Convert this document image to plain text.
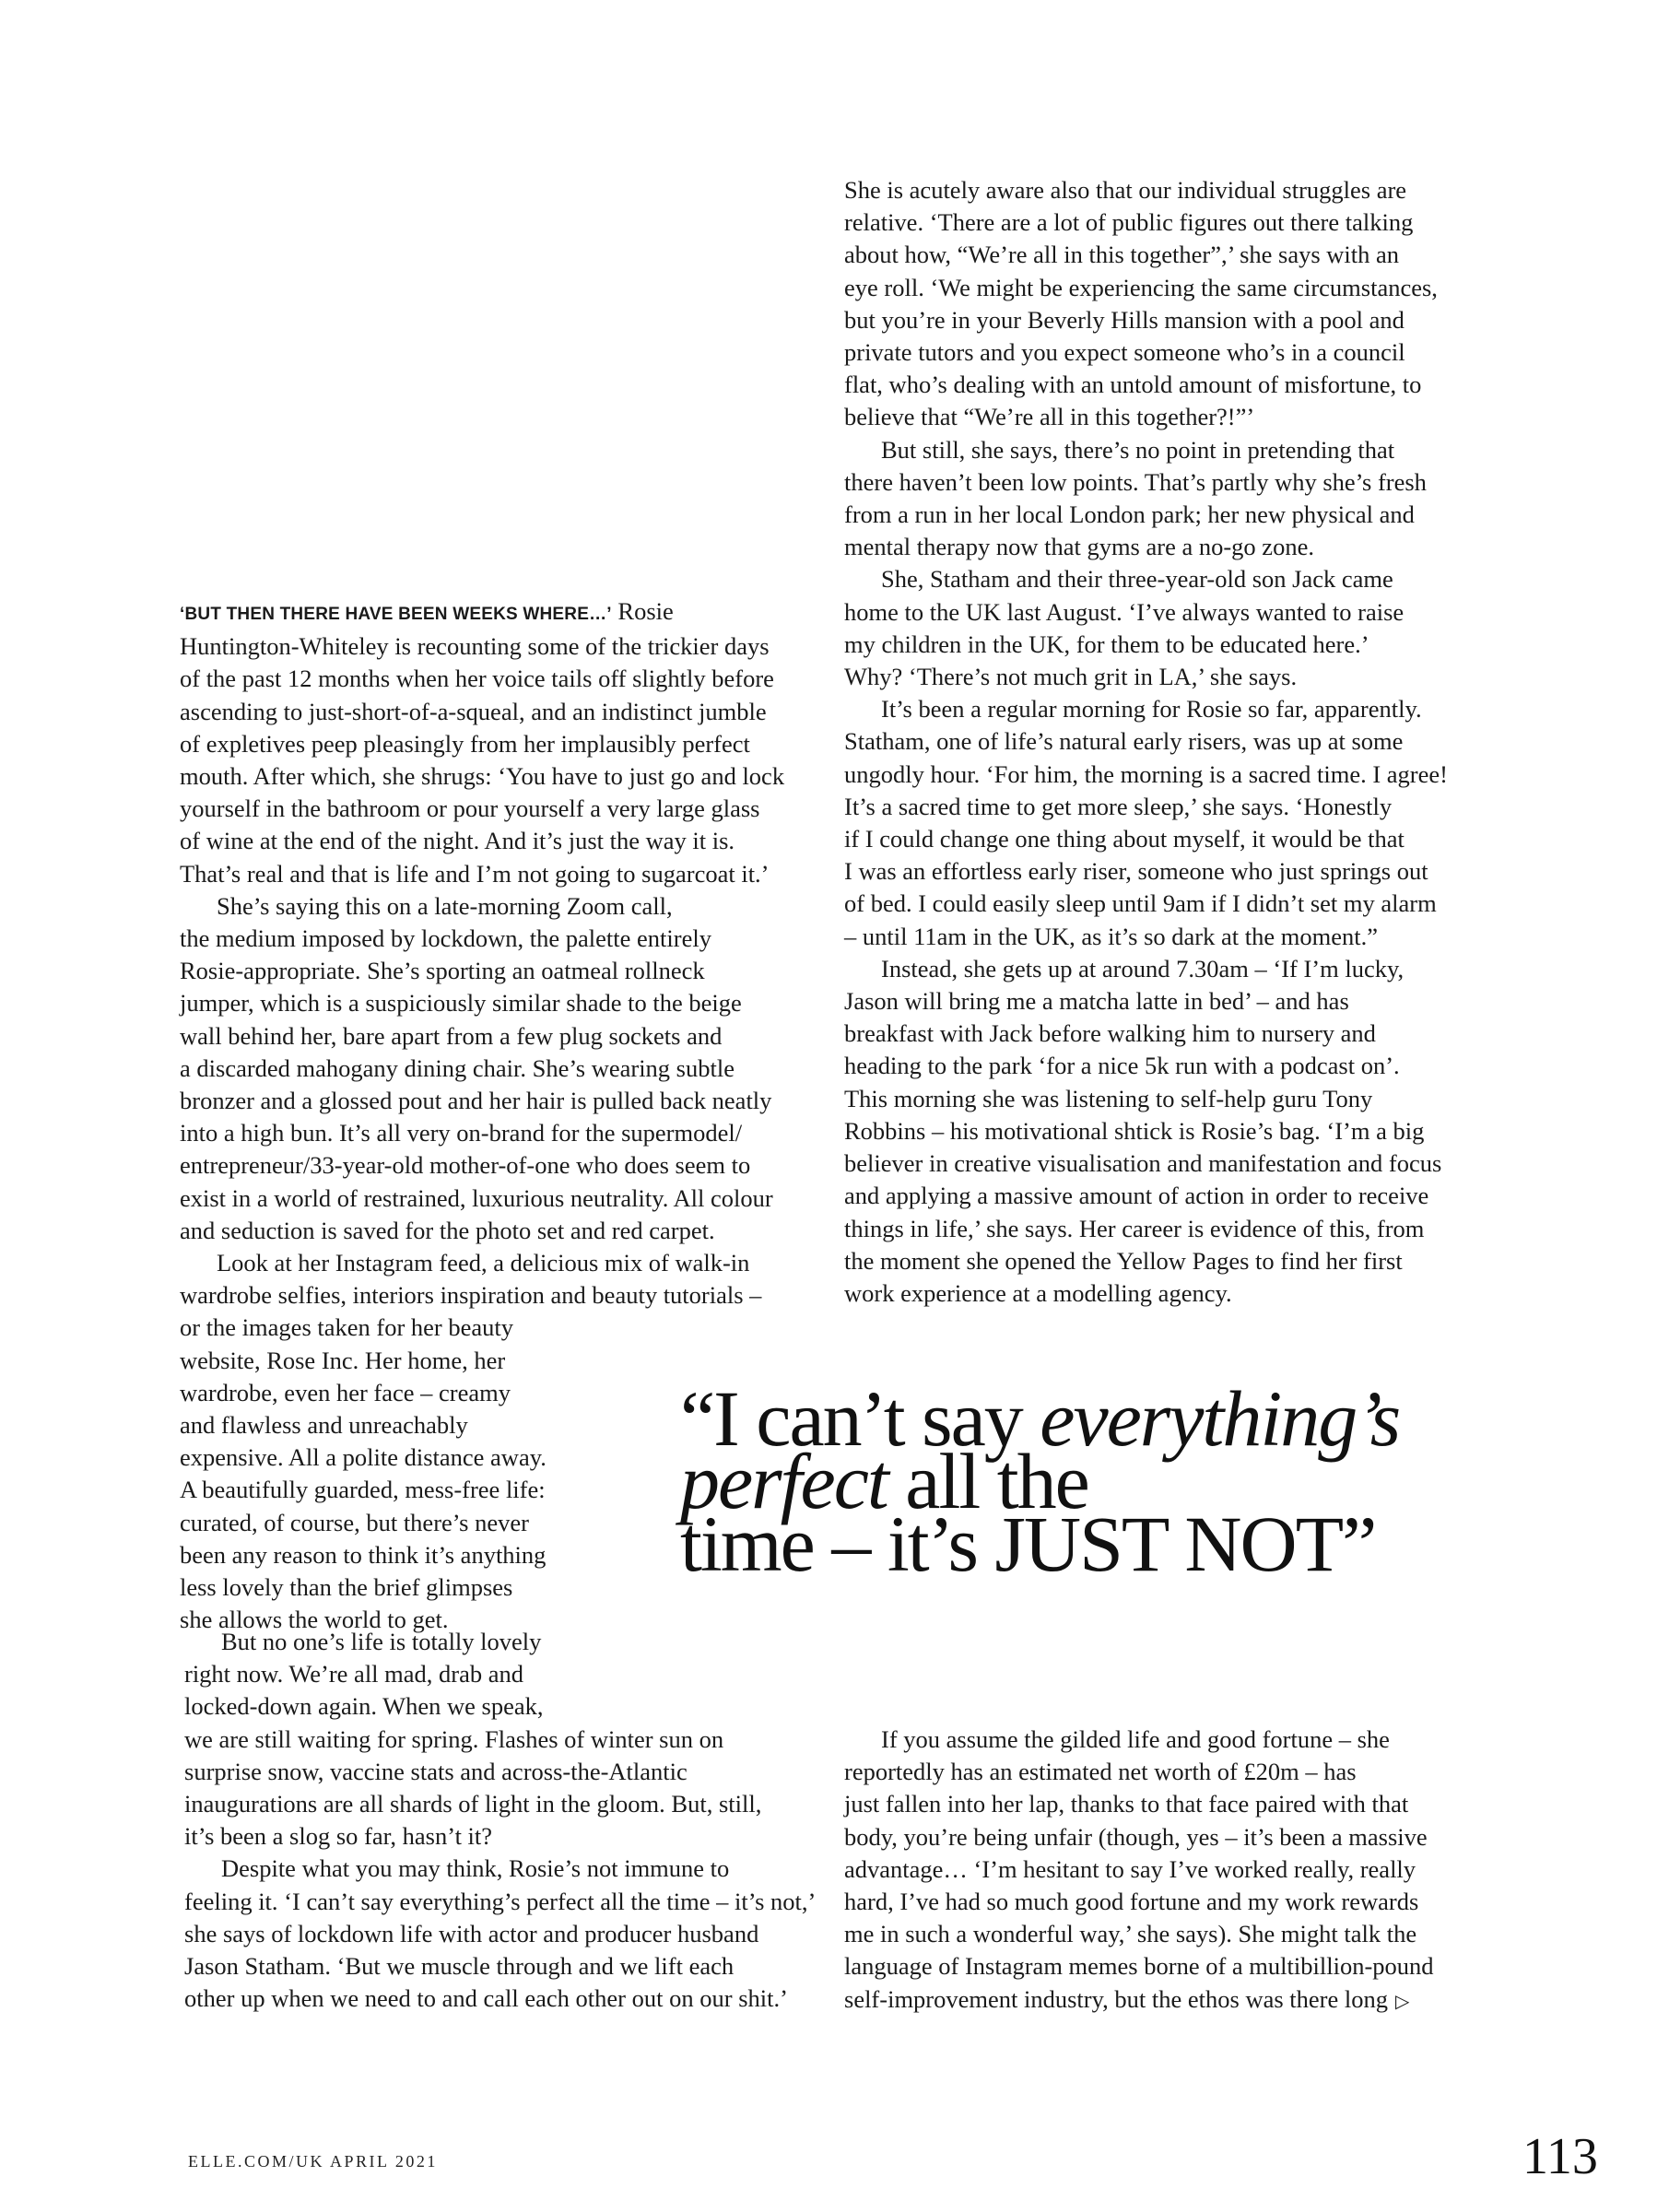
‘BUT THEN THERE HAVE BEEN WEEKS WHERE…’ Rosie
Huntington-Whiteley is recounting some of the trickier days
of the past 12 months when her voice tails off slightly before
ascending to just-short-of-a-squeal, and an indistinct jumble
of expletives peep pleasingly from her implausibly perfect
mouth. After which, she shrugs: ‘You have to just go and lock
yourself in the bathroom or pour yourself a very large glass
of wine at the end of the night. And it’s just the way it is.
That’s real and that is life and I’m not going to sugarcoat it.’

She’s saying this on a late-morning Zoom call,
the medium imposed by lockdown, the palette entirely
Rosie-appropriate. She’s sporting an oatmeal rollneck
jumper, which is a suspiciously similar shade to the beige
wall behind her, bare apart from a few plug sockets and
a discarded mahogany dining chair. She’s wearing subtle
bronzer and a glossed pout and her hair is pulled back neatly
into a high bun. It’s all very on-brand for the supermodel/
entrepreneur/33-year-old mother-of-one who does seem to
exist in a world of restrained, luxurious neutrality. All colour
and seduction is saved for the photo set and red carpet.

Look at her Instagram feed, a delicious mix of walk-in
wardrobe selfies, interiors inspiration and beauty tutorials –
or the images taken for her beauty
website, Rose Inc. Her home, her
wardrobe, even her face – creamy
and flawless and unreachably
expensive. All a polite distance away.
A beautifully guarded, mess-free life:
curated, of course, but there’s never
been any reason to think it’s anything
less lovely than the brief glimpses
she allows the world to get.

But no one’s life is totally lovely
right now. We’re all mad, drab and
locked-down again. When we speak,
we are still waiting for spring. Flashes of winter sun on
surprise snow, vaccine stats and across-the-Atlantic
inaugurations are all shards of light in the gloom. But, still,
it’s been a slog so far, hasn’t it?

Despite what you may think, Rosie’s not immune to
feeling it. ‘I can’t say everything’s perfect all the time – it’s not,’
she says of lockdown life with actor and producer husband
Jason Statham. ‘But we muscle through and we lift each
other up when we need to and call each other out on our shit.’

She is acutely aware also that our individual struggles are
relative. ‘There are a lot of public figures out there talking
about how, “We’re all in this together”,’ she says with an
eye roll. ‘We might be experiencing the same circumstances,
but you’re in your Beverly Hills mansion with a pool and
private tutors and you expect someone who’s in a council
flat, who’s dealing with an untold amount of misfortune, to
believe that “We’re all in this together?!”’

But still, she says, there’s no point in pretending that
there haven’t been low points. That’s partly why she’s fresh
from a run in her local London park; her new physical and
mental therapy now that gyms are a no-go zone.

She, Statham and their three-year-old son Jack came
home to the UK last August. ‘I’ve always wanted to raise
my children in the UK, for them to be educated here.’
Why? ‘There’s not much grit in LA,’ she says.

It’s been a regular morning for Rosie so far, apparently.
Statham, one of life’s natural early risers, was up at some
ungodly hour. ‘For him, the morning is a sacred time. I agree!
It’s a sacred time to get more sleep,’ she says. ‘Honestly
if I could change one thing about myself, it would be that
I was an effortless early riser, someone who just springs out
of bed. I could easily sleep until 9am if I didn’t set my alarm
– until 11am in the UK, as it’s so dark at the moment.”

Instead, she gets up at around 7.30am – ‘If I’m lucky,
Jason will bring me a matcha latte in bed’ – and has
breakfast with Jack before walking him to nursery and
heading to the park ‘for a nice 5k run with a podcast on’.
This morning she was listening to self-help guru Tony
Robbins – his motivational shtick is Rosie’s bag. ‘I’m a big
believer in creative visualisation and manifestation and focus
and applying a massive amount of action in order to receive
things in life,’ she says. Her career is evidence of this, from
the moment she opened the Yellow Pages to find her first
work experience at a modelling agency.

“I can’t say everything’s
perfect all the
time – it’s JUST NOT”

If you assume the gilded life and good fortune – she
reportedly has an estimated net worth of £20m – has
just fallen into her lap, thanks to that face paired with that
body, you’re being unfair (though, yes – it’s been a massive
advantage… ‘I’m hesitant to say I’ve worked really, really
hard, I’ve had so much good fortune and my work rewards
me in such a wonderful way,’ she says). She might talk the
language of Instagram memes borne of a multibillion-pound
self-improvement industry, but the ethos was there long ▷

ELLE.COM/UK APRIL 2021	113
